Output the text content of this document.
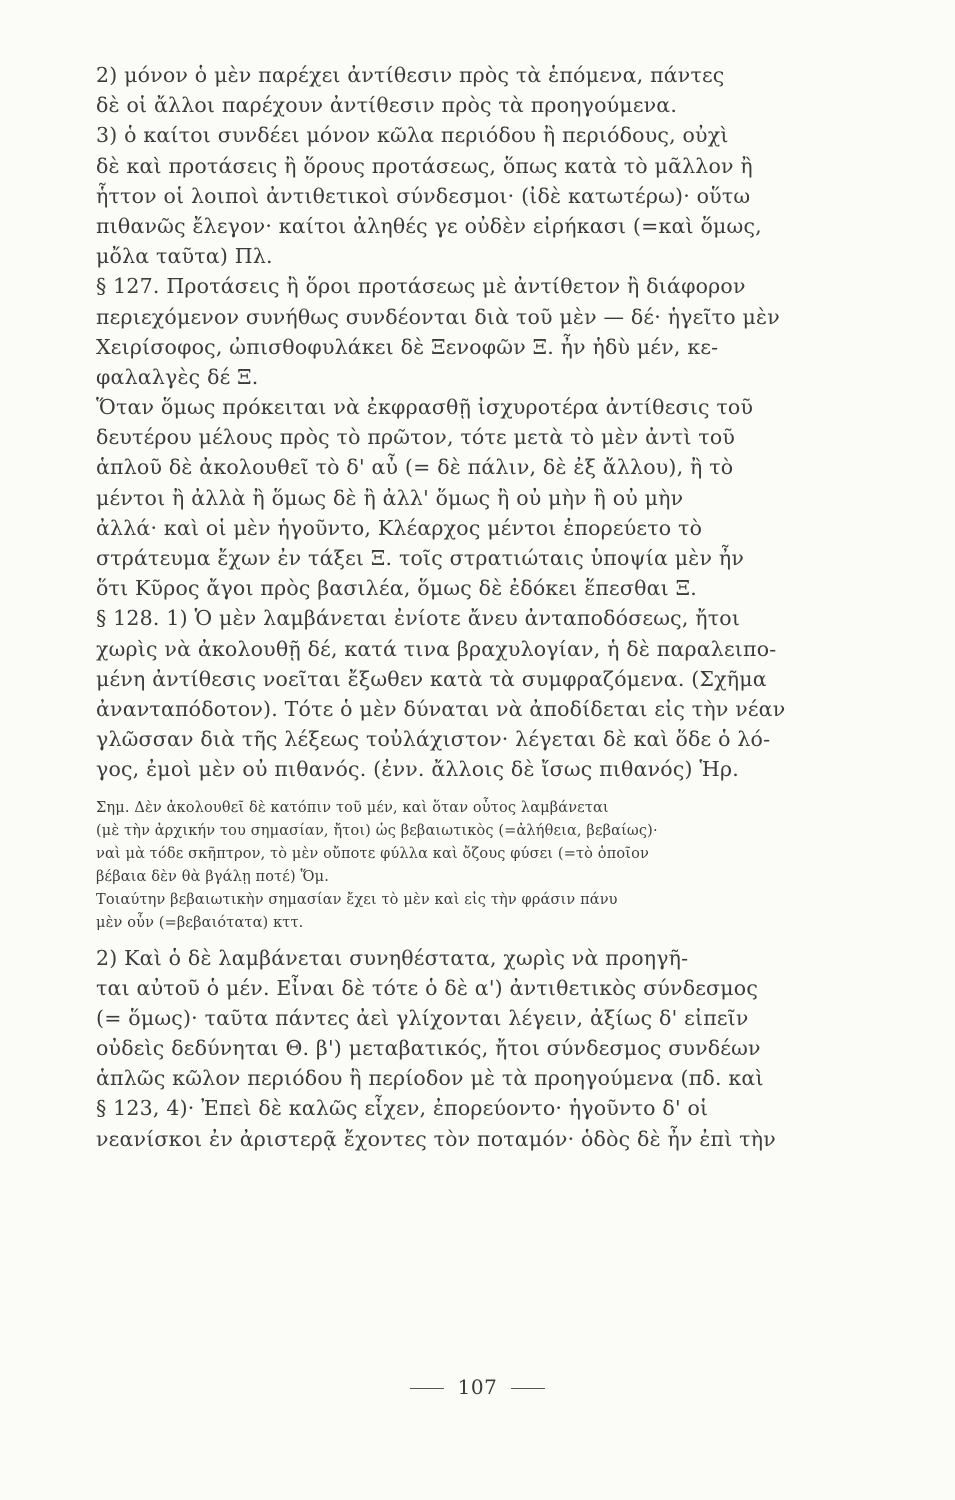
2) μόνον ὁ μὲν παρέχει ἀντίθεσιν πρὸς τὰ ἑπόμενα, πάντες
δὲ οἱ ἄλλοι παρέχουν ἀντίθεσιν πρὸς τὰ προηγούμενα.
3) ὁ καίτοι συνδέει μόνον κῶλα περιόδου ἢ περιόδους, οὐχὶ
δὲ καὶ προτάσεις ἢ ὅρους προτάσεως, ὅπως κατὰ τὸ μᾶλλον ἢ
ἧττον οἱ λοιποὶ ἀντιθετικοὶ σύνδεσμοι· (ἰδὲ κατωτέρω)· οὕτω
πιθανῶς ἔλεγον· καίτοι ἀληθές γε οὐδὲν εἰρήκασι (=καὶ ὅμως,
μὄλα ταῦτα) Πλ.
§ 127. Προτάσεις ἢ ὅροι προτάσεως μὲ ἀντίθετον ἢ διάφορον
περιεχόμενον συνήθως συνδέονται διὰ τοῦ μὲν — δέ· ἡγεῖτο μὲν
Χειρίσοφος, ὠπισθοφυλάκει δὲ Ξενοφῶν Ξ. ἦν ἡδὺ μέν, κε-
φαλαλγὲς δέ Ξ.
Ὅταν ὅμως πρόκειται νὰ ἐκφρασθῇ ἰσχυροτέρα ἀντίθεσις τοῦ
δευτέρου μέλους πρὸς τὸ πρῶτον, τότε μετὰ τὸ μὲν ἀντὶ τοῦ
ἁπλοῦ δὲ ἀκολουθεῖ τὸ δ' αὖ (= δὲ πάλιν, δὲ ἐξ ἄλλου), ἢ τὸ
μέντοι ἢ ἀλλὰ ἢ ὅμως δὲ ἢ ἀλλ' ὅμως ἢ οὐ μὴν ἢ οὐ μὴν
ἀλλά· καὶ οἱ μὲν ἡγοῦντο, Κλέαρχος μέντοι ἐπορεύετο τὸ
στράτευμα ἔχων ἐν τάξει Ξ. τοῖς στρατιώταις ὑποψία μὲν ἦν
ὅτι Κῦρος ἄγοι πρὸς βασιλέα, ὅμως δὲ ἐδόκει ἕπεσθαι Ξ.
§ 128. 1) Ὁ μὲν λαμβάνεται ἐνίοτε ἄνευ ἀνταποδόσεως, ἤτοι
χωρὶς νὰ ἀκολουθῇ δέ, κατά τινα βραχυλογίαν, ἡ δὲ παραλειπο-
μένη ἀντίθεσις νοεῖται ἔξωθεν κατὰ τὰ συμφραζόμενα. (Σχῆμα
ἀνανταπόδοτον). Τότε ὁ μὲν δύναται νὰ ἀποδίδεται εἰς τὴν νέαν
γλῶσσαν διὰ τῆς λέξεως τοὐλάχιστον· λέγεται δὲ καὶ ὅδε ὁ λό-
γος, ἐμοὶ μὲν οὐ πιθανός. (ἐνν. ἄλλοις δὲ ἴσως πιθανός) Ἡρ.
Σημ. Δὲν ἀκολουθεῖ δὲ κατόπιν τοῦ μέν, καὶ ὅταν οὗτος λαμβάνεται
(μὲ τὴν ἀρχικήν του σημασίαν, ἤτοι) ὡς βεβαιωτικὸς (=ἀλήθεια, βεβαίως)·
ναὶ μὰ τόδε σκῆπτρον, τὸ μὲν οὔποτε φύλλα καὶ ὄζους φύσει (=τὸ ὁποῖον
βέβαια δὲν θὰ βγάλῃ ποτέ) Ὅμ.
Τοιαύτην βεβαιωτικὴν σημασίαν ἔχει τὸ μὲν καὶ εἰς τὴν φράσιν πάνυ
μὲν οὖν (=βεβαιότατα) κττ.
2) Καὶ ὁ δὲ λαμβάνεται συνηθέστατα, χωρὶς νὰ προηγῆ-
ται αὐτοῦ ὁ μέν. Εἶναι δὲ τότε ὁ δὲ α') ἀντιθετικὸς σύνδεσμος
(= ὅμως)· ταῦτα πάντες ἀεὶ γλίχονται λέγειν, ἀξίως δ' εἰπεῖν
οὐδεὶς δεδύνηται Θ. β') μεταβατικός, ἤτοι σύνδεσμος συνδέων
ἁπλῶς κῶλον περιόδου ἢ περίοδον μὲ τὰ προηγούμενα (πδ. καὶ
§ 123, 4)· Ἐπεὶ δὲ καλῶς εἶχεν, ἐπορεύοντο· ἡγοῦντο δ' οἱ
νεανίσκοι ἐν ἀριστερᾷ ἔχοντες τὸν ποταμόν· ὁδὸς δὲ ἦν ἐπὶ τὴν
107
